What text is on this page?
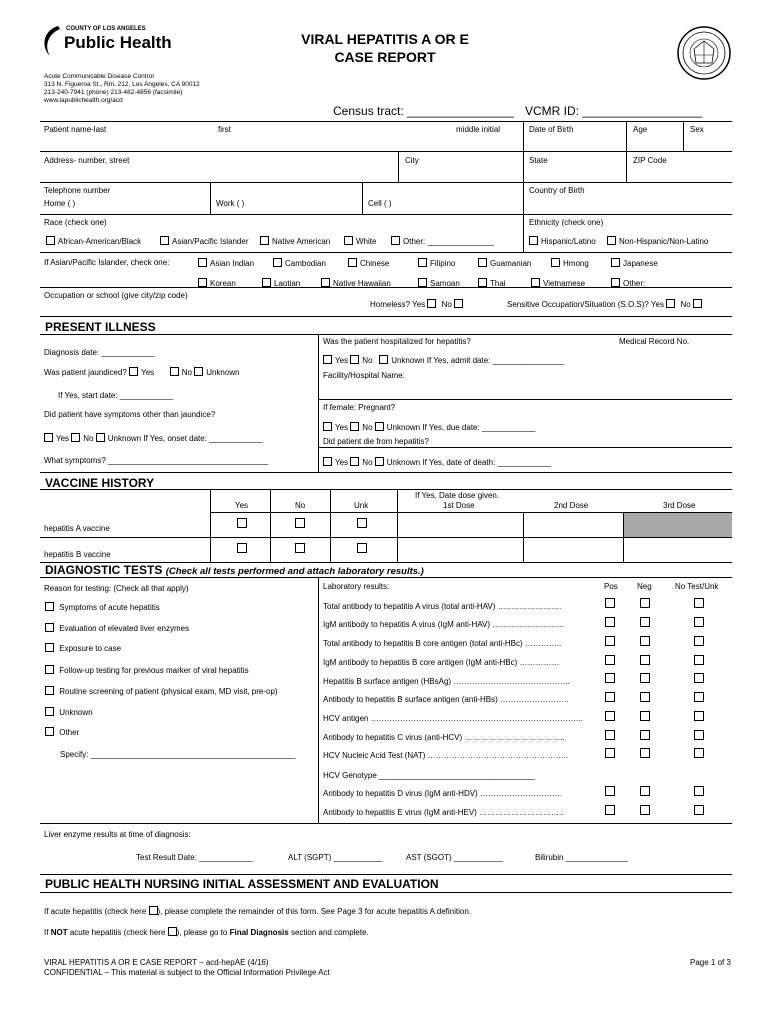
COUNTY OF LOS ANGELES
Public Health	VIRAL HEPATITIS A OR E
CASE REPORT
Acute Communicable Disease Control
313 N. Figueroa St., Rm. 212, Los Angeles, CA 90012
213-240-7941 (phone) 213-482-4856 (facsimile)
www.lapublichealth.org/acd
Census tract: ________________ VCMR ID: __________________
Patient name-last	first	middle initial	Date of Birth	Age	Sex
Address- number, street	City	State	ZIP Code
Telephone number
Home ( )	Work ( )	Cell ( )
Country of Birth
Race (check one)	Ethnicity (check one)
African-American/Black	Asian/Pacific Islander	Native American	White	Other: _______________	Hispanic/Latino	Non-Hispanic/Non-Latino
If Asian/Pacific Islander, check one:	Asian Indian	Cambodian	Chinese	Filipino	Guamanian	Hmong	Japanese
Korean	Laotian	Native Hawaiian	Samoan	Thai	Vietnamese	Other: _______________
Occupation or school (give city/zip code)
Homeless? Yes No	Sensitive Occupation/Situation (S.O.S)? Yes No
PRESENT ILLNESS
Diagnosis date: ____________
Was patient jaundiced? Yes	No Unknown
If Yes, start date: ____________
Did patient have symptoms other than jaundice?
Yes No Unknown If Yes, onset date: ____________
What symptoms? ____________________________________
Was the patient hospitalized for hepatitis?	Medical Record No.
Yes No Unknown If Yes, admit date: ________________
Facility/Hospital Name:
If female: Pregnant?
Yes No Unknown If Yes, due date: ____________
Did patient die from hepatitis?
Yes No Unknown If Yes, date of death: ____________
VACCINE HISTORY
Yes	No	Unk
If Yes, Date dose given.
1st Dose	2nd Dose	3rd Dose
hepatitis A vaccine
hepatitis B vaccine
DIAGNOSTIC TESTS (Check all tests performed and attach laboratory results.)
Reason for testing: (Check all that apply)
Symptoms of acute hepatitis
Evaluation of elevated liver enzymes
Exposure to case
Follow-up testing for previous marker of viral hepatitis
Routine screening of patient (physical exam, MD visit, pre-op)
Unknown
Other
Specify: ______________________________________________
Laboratory results:	Pos Neg	No Test/Unk
Total antibody to hepatitis A virus (total anti-HAV) ……………………
IgM antibody to hepatitis A virus (IgM anti-HAV) ………………………
Total antibody to hepatitis B core antigen (total anti-HBc) …………..
IgM antibody to hepatitis B core antigen (IgM anti-HBc) ……………
Hepatitis B surface antigen (HBsAg) ……………………………………..
Antibody to hepatitis B surface antigen (anti-HBs) ……………………..
HCV antigen ……………………………………………………………………..
Antibody to hepatitis C virus (anti-HCV) ………………………………..
HCV Nucleic Acid Test (NAT) ……………………………………………..
HCV Genotype ___________________________________
Antibody to hepatitis D virus (IgM anti-HDV) ………………………….
Antibody to hepatitis E virus (IgM anti-HEV) …………………………..
Liver enzyme results at time of diagnosis:
Test Result Date: ____________	ALT (SGPT) ___________	AST (SGOT) ___________	Bilirubin ______________
PUBLIC HEALTH NURSING INITIAL ASSESSMENT AND EVALUATION
If acute hepatitis (check here ), please complete the remainder of this form. See Page 3 for acute hepatitis A definition.
If NOT acute hepatitis (check here ), please go to Final Diagnosis section and complete.
VIRAL HEPATITIS A OR E CASE REPORT – acd-hepAE (4/16)
CONFIDENTIAL – This material is subject to the Official Information Privilege Act
Page 1 of 3
